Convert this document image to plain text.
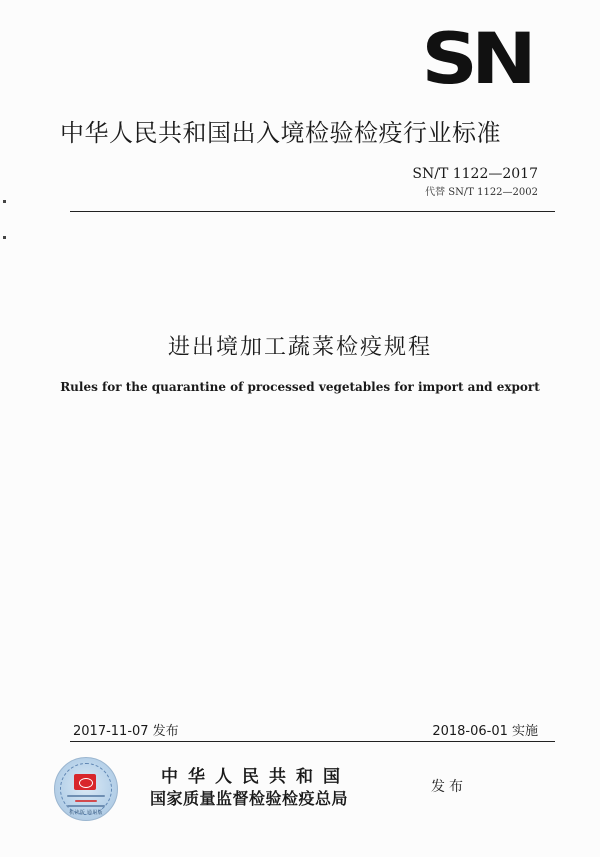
SN
中华人民共和国出入境检验检疫行业标准
SN/T 1122—2017
代替 SN/T 1122—2002
进出境加工蔬菜检疫规程
Rules for the quarantine of processed vegetables for import and export
2017-11-07 发布	2018-06-01 实施
机读版 通用版
中华人民共和国
国家质量监督检验检疫总局
发布
